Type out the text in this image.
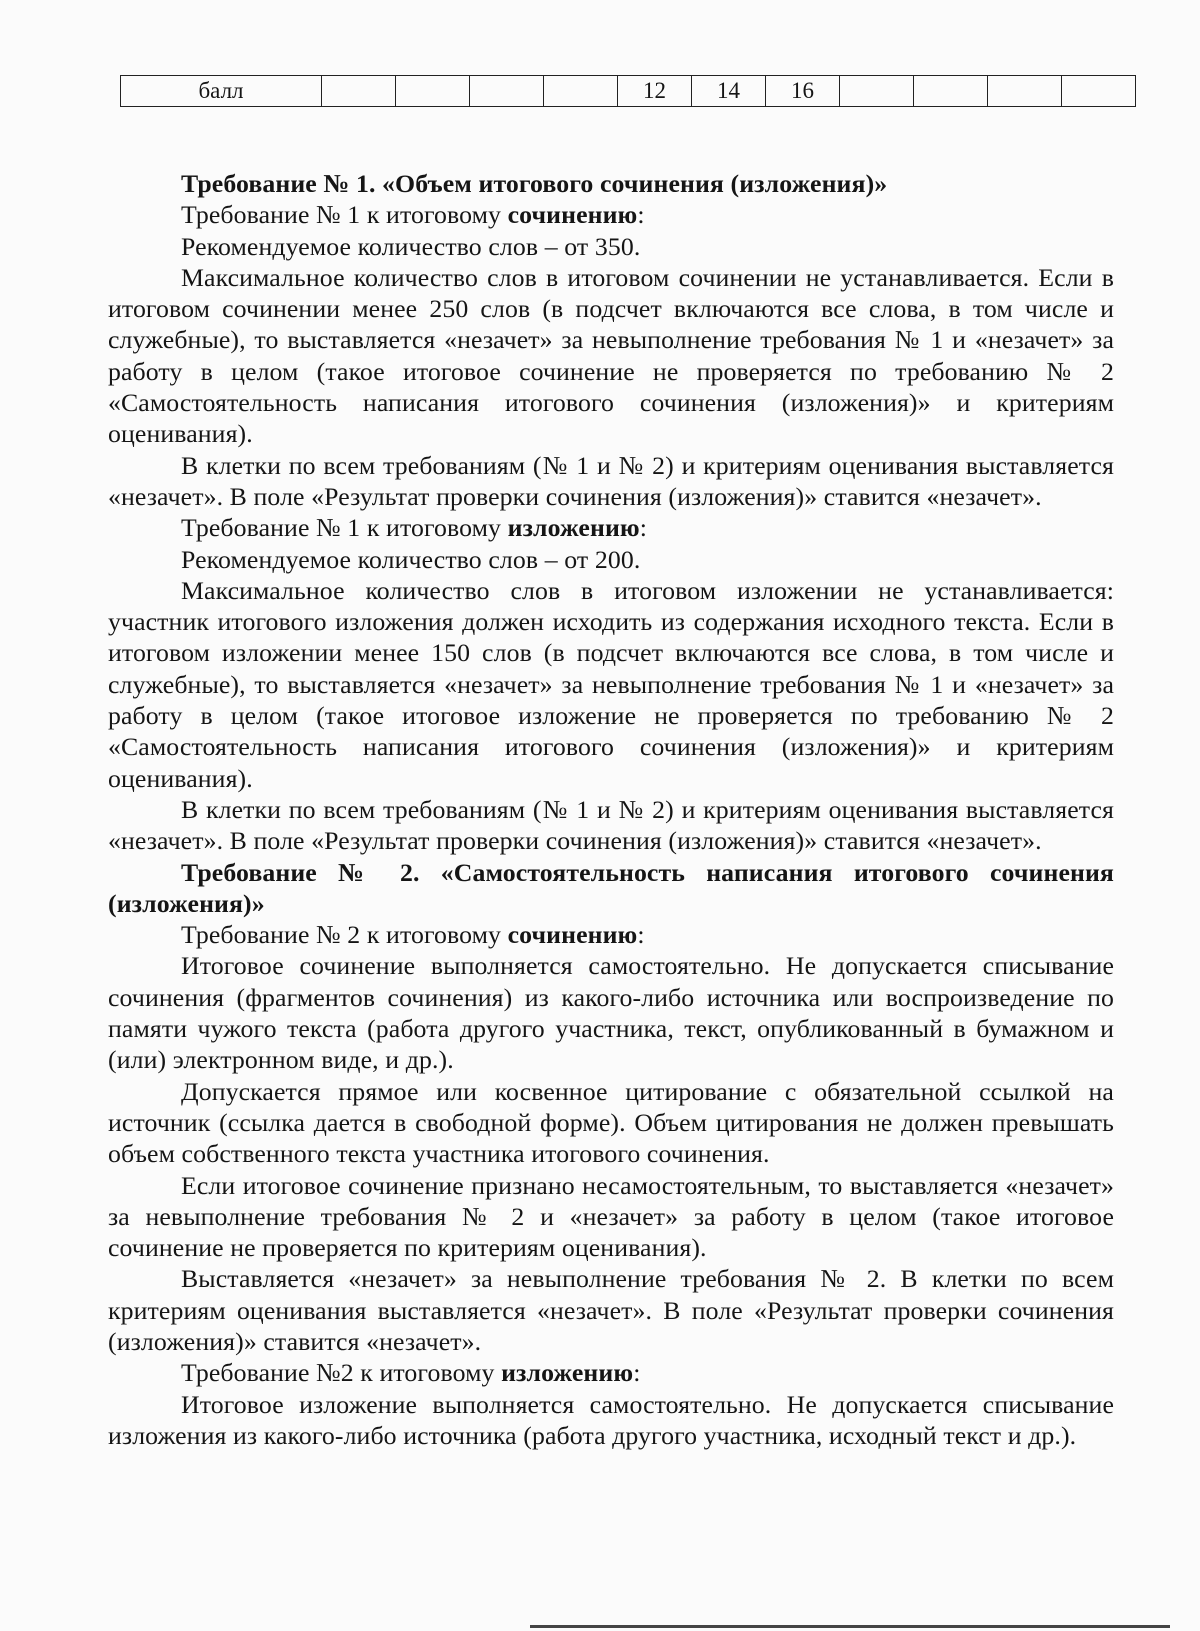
балл					12	14	16				

Требование № 1. «Объем итогового сочинения (изложения)»

Требование № 1 к итоговому сочинению:

Рекомендуемое количество слов – от 350.

Максимальное количество слов в итоговом сочинении не устанавливается. Если в итоговом сочинении менее 250 слов (в подсчет включаются все слова, в том числе и служебные), то выставляется «незачет» за невыполнение требования № 1 и «незачет» за работу в целом (такое итоговое сочинение не проверяется по требованию № 2 «Самостоятельность написания итогового сочинения (изложения)» и критериям оценивания).

В клетки по всем требованиям (№ 1 и № 2) и критериям оценивания выставляется «незачет». В поле «Результат проверки сочинения (изложения)» ставится «незачет».

Требование № 1 к итоговому изложению:

Рекомендуемое количество слов – от 200.

Максимальное количество слов в итоговом изложении не устанавливается: участник итогового изложения должен исходить из содержания исходного текста. Если в итоговом изложении менее 150 слов (в подсчет включаются все слова, в том числе и служебные), то выставляется «незачет» за невыполнение требования № 1 и «незачет» за работу в целом (такое итоговое изложение не проверяется по требованию № 2 «Самостоятельность написания итогового сочинения (изложения)» и критериям оценивания).

В клетки по всем требованиям (№ 1 и № 2) и критериям оценивания выставляется «незачет». В поле «Результат проверки сочинения (изложения)» ставится «незачет».

Требование № 2. «Самостоятельность написания итогового сочинения (изложения)»

Требование № 2 к итоговому сочинению:

Итоговое сочинение выполняется самостоятельно. Не допускается списывание сочинения (фрагментов сочинения) из какого-либо источника или воспроизведение по памяти чужого текста (работа другого участника, текст, опубликованный в бумажном и (или) электронном виде, и др.).

Допускается прямое или косвенное цитирование с обязательной ссылкой на источник (ссылка дается в свободной форме). Объем цитирования не должен превышать объем собственного текста участника итогового сочинения.

Если итоговое сочинение признано несамостоятельным, то выставляется «незачет» за невыполнение требования № 2 и «незачет» за работу в целом (такое итоговое сочинение не проверяется по критериям оценивания).

Выставляется «незачет» за невыполнение требования № 2. В клетки по всем критериям оценивания выставляется «незачет». В поле «Результат проверки сочинения (изложения)» ставится «незачет».

Требование №2 к итоговому изложению:

Итоговое изложение выполняется самостоятельно. Не допускается списывание изложения из какого-либо источника (работа другого участника, исходный текст и др.).
